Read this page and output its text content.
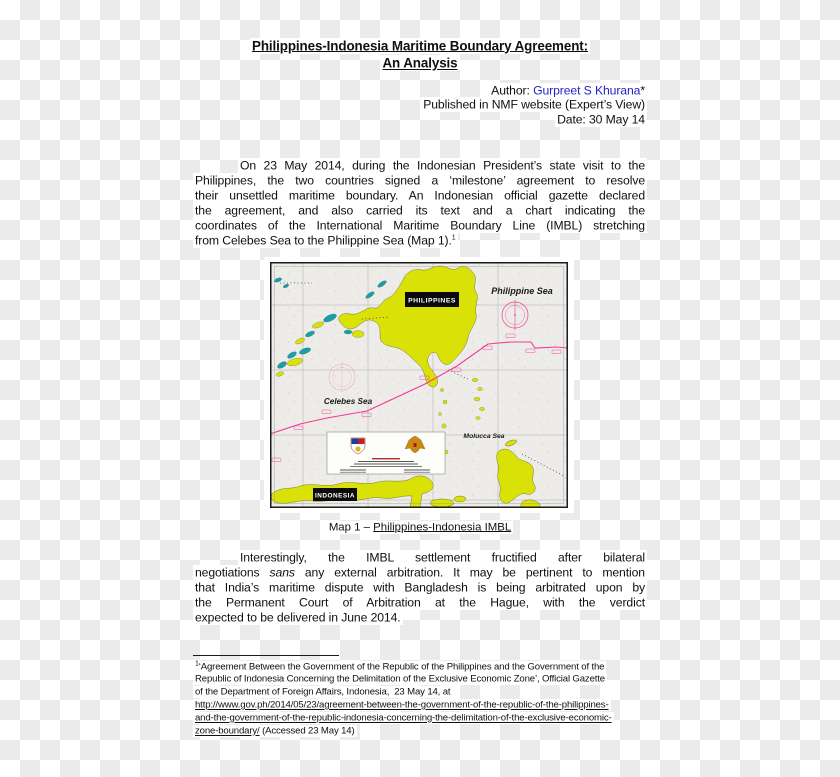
Philippines-Indonesia Maritime Boundary Agreement:
An Analysis
Author: Gurpreet S Khurana*
Published in NMF website (Expert’s View)
Date: 30 May 14
On 23 May 2014, during the Indonesian President’s state visit to the
Philippines, the two countries signed a ‘milestone’ agreement to resolve
their unsettled maritime boundary. An Indonesian official gazette declared
the agreement, and also carried its text and a chart indicating the
coordinates of the International Maritime Boundary Line (IMBL) stretching
from Celebes Sea to the Philippine Sea (Map 1).$^1$
PHILIPPINES
INDONESIA
Philippine Sea
Celebes Sea
Molucca Sea
Map 1 – Philippines-Indonesia IMBL
Interestingly, the IMBL settlement fructified after bilateral
negotiations sans any external arbitration. It may be pertinent to mention
that India’s maritime dispute with Bangladesh is being arbitrated upon by
the Permanent Court of Arbitration at the Hague, with the verdict
expected to be delivered in June 2014.
$^1$‘Agreement Between the Government of the Republic of the Philippines and the Government of the
Republic of Indonesia Concerning the Delimitation of the Exclusive Economic Zone’, Official Gazette
of the Department of Foreign Affairs, Indonesia,  23 May 14, at
http://www.gov.ph/2014/05/23/agreement-between-the-government-of-the-republic-of-the-philippines-
and-the-government-of-the-republic-indonesia-concerning-the-delimitation-of-the-exclusive-economic-
zone-boundary/ (Accessed 23 May 14)
